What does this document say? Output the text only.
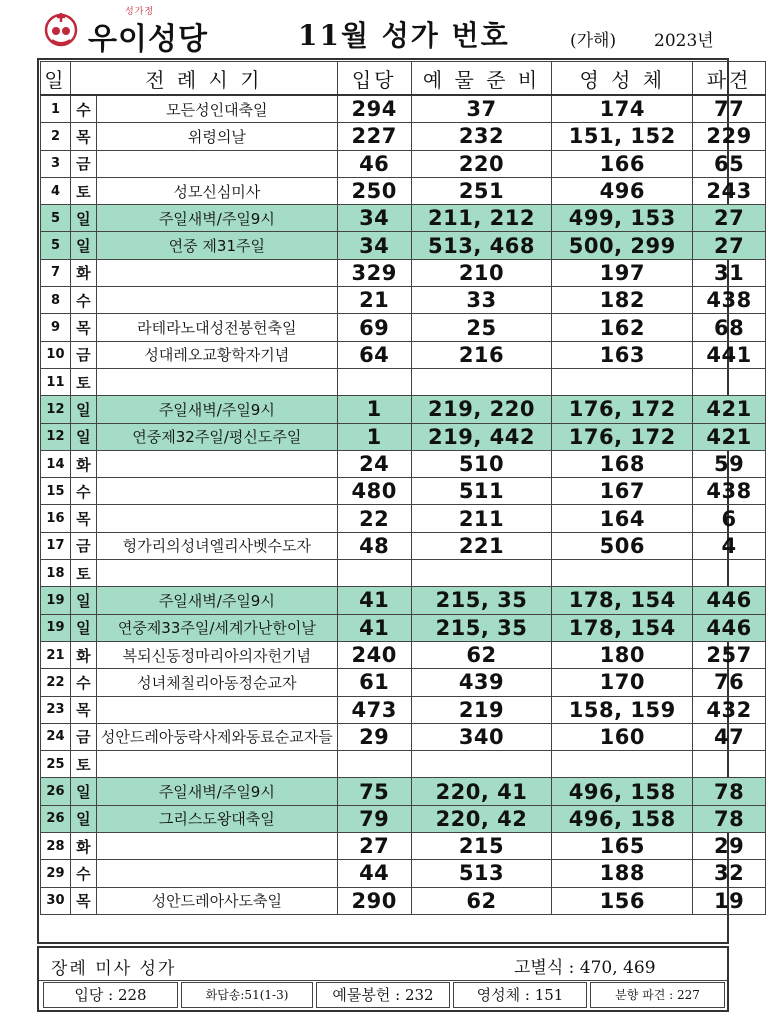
성가정
우이성당	11월 성가 번호	(가해) 2023년
일	전 례 시 기		입당	예 물 준 비	영 성 체	파견
1	수	모든성인대축일	294	37	174	77
2	목	위령의날	227	232	151, 152	229
3	금		46	220	166	65
4	토	성모신심미사	250	251	496	243
5	일	주일새벽/주일9시	34	211, 212	499, 153	27
5	일	연중 제31주일	34	513, 468	500, 299	27
7	화		329	210	197	31
8	수		21	33	182	438
9	목	라테라노대성전봉헌축일	69	25	162	68
10	금	성대레오교황학자기념	64	216	163	441
11	토					
12	일	주일새벽/주일9시	1	219, 220	176, 172	421
12	일	연중제32주일/평신도주일	1	219, 442	176, 172	421
14	화		24	510	168	59
15	수		480	511	167	438
16	목		22	211	164	6
17	금	헝가리의성녀엘리사벳수도자	48	221	506	4
18	토					
19	일	주일새벽/주일9시	41	215, 35	178, 154	446
19	일	연중제33주일/세계가난한이날	41	215, 35	178, 154	446
21	화	복되신동정마리아의자헌기념	240	62	180	257
22	수	성녀체칠리아동정순교자	61	439	170	76
23	목		473	219	158, 159	432
24	금	성안드레아둥락사제와동료순교자들	29	340	160	47
25	토					
26	일	주일새벽/주일9시	75	220, 41	496, 158	78
26	일	그리스도왕대축일	79	220, 42	496, 158	78
28	화		27	215	165	29
29	수		44	513	188	32
30	목	성안드레아사도축일	290	62	156	19
장례 미사 성가	고별식 : 470, 469
입당 : 228	화답송:51(1-3)	예물봉헌 : 232	영성체 : 151	분향 파견 : 227
